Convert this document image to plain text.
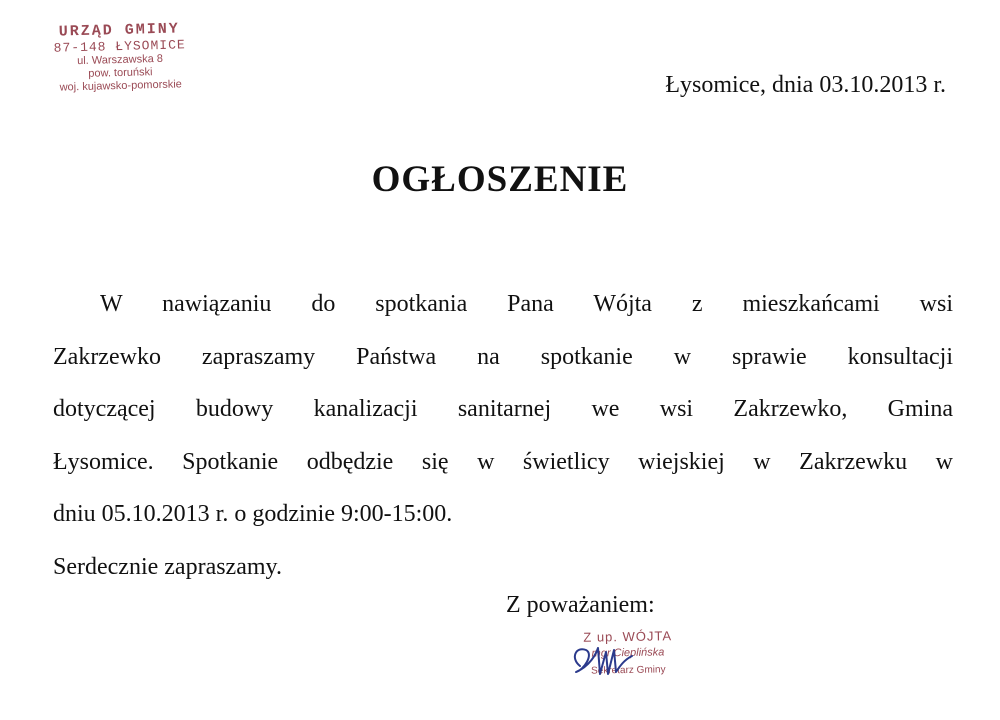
URZĄD GMINY
87-148 ŁYSOMICE
ul. Warszawska 8
pow. toruński
woj. kujawsko-pomorskie	Łysomice, dnia 03.10.2013 r.
OGŁOSZENIE

W nawiązaniu do spotkania Pana Wójta z mieszkańcami wsi

Zakrzewko zapraszamy Państwa na spotkanie w sprawie konsultacji

dotyczącej budowy kanalizacji sanitarnej we wsi Zakrzewko, Gmina

Łysomice. Spotkanie odbędzie się w świetlicy wiejskiej w Zakrzewku w

dniu 05.10.2013 r. o godzinie 9:00-15:00.

Serdecznie zapraszamy.

Z poważaniem:
Z up. WÓJTA
mgr Cieplińska
Sekretarz Gminy
